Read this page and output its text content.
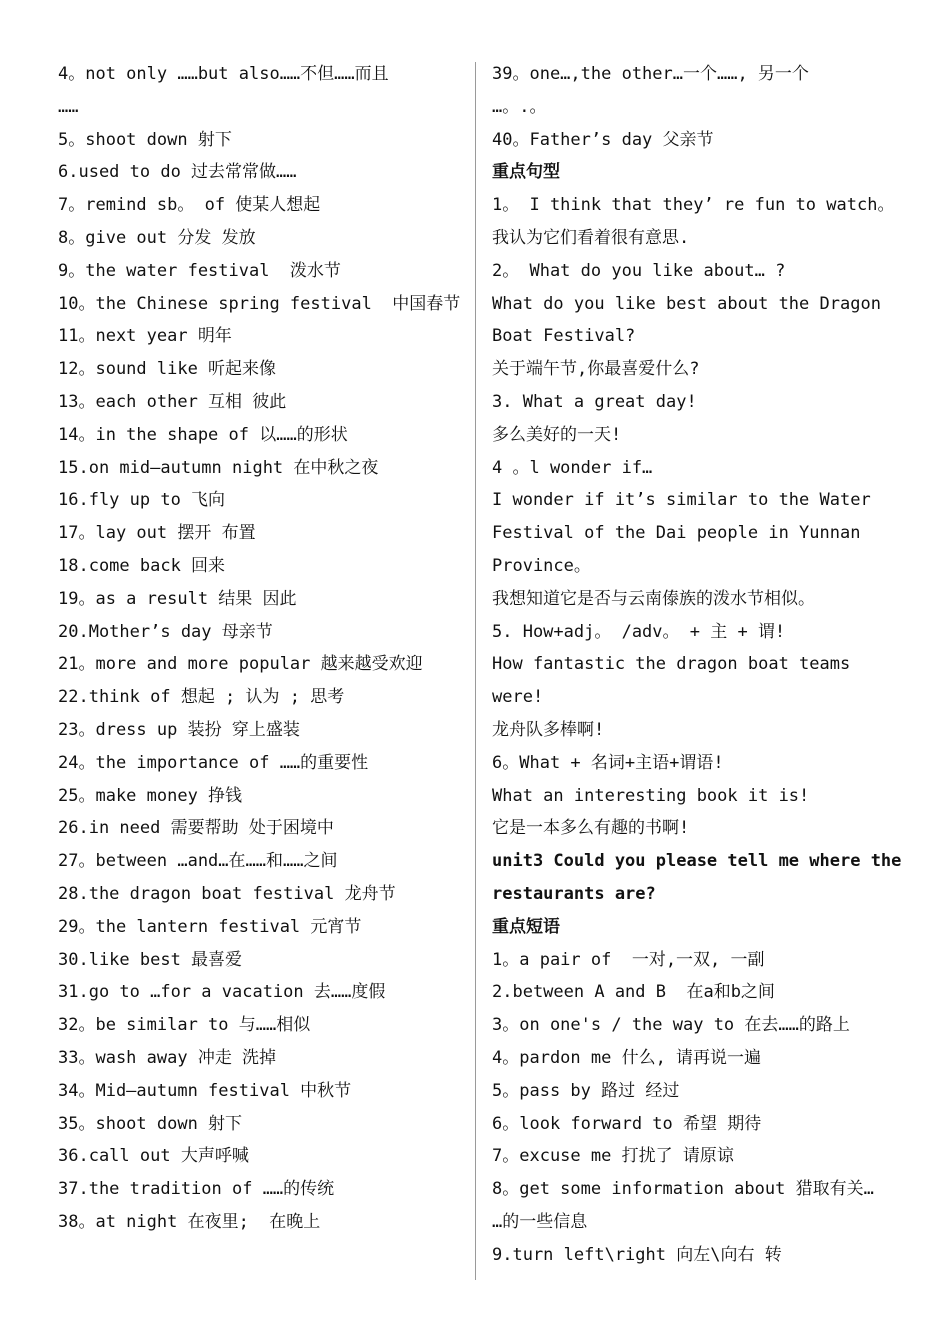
4。not only ……but also……不但……而且
……
5。shoot down 射下
6.used to do 过去常常做……
7。remind sb。 of 使某人想起
8。give out 分发 发放
9。the water festival  泼水节
10。the Chinese spring festival  中国春节
11。next year 明年
12。sound like 听起来像
13。each other 互相 彼此
14。in the shape of 以……的形状
15.on mid—autumn night 在中秋之夜
16.fly up to 飞向
17。lay out 摆开 布置
18.come back 回来
19。as a result 结果 因此
20.Mother’s day 母亲节
21。more and more popular 越来越受欢迎
22.think of 想起 ; 认为 ; 思考
23。dress up 装扮 穿上盛装
24。the importance of ……的重要性
25。make money 挣钱
26.in need 需要帮助 处于困境中
27。between …and…在……和……之间
28.the dragon boat festival 龙舟节
29。the lantern festival 元宵节
30.like best 最喜爱
31.go to …for a vacation 去……度假
32。be similar to 与……相似
33。wash away 冲走 洗掉
34。Mid—autumn festival 中秋节
35。shoot down 射下
36.call out 大声呼喊
37.the tradition of ……的传统
38。at night 在夜里;  在晚上
39。one…,the other…一个……, 另一个
…。.。
40。Father’s day 父亲节
重点句型
1。 I think that they’ re fun to watch。
我认为它们看着很有意思.
2。 What do you like about… ?
What do you like best about the Dragon
Boat Festival?
关于端午节,你最喜爱什么?
3. What a great day!
多么美好的一天!
4 。l wonder if…
I wonder if it’s similar to the Water
Festival of the Dai people in Yunnan
Province。
我想知道它是否与云南傣族的泼水节相似。
5. How+adj。 /adv。 + 主 + 谓!
How fantastic the dragon boat teams
were!
龙舟队多棒啊!
6。What + 名词+主语+谓语!
What an interesting book it is!
它是一本多么有趣的书啊!
unit3 Could you please tell me where the
restaurants are?
重点短语
1。a pair of  一对,一双, 一副
2.between A and B  在a和b之间
3。on one's / the way to 在去……的路上
4。pardon me 什么, 请再说一遍
5。pass by 路过 经过
6。look forward to 希望 期待
7。excuse me 打扰了 请原谅
8。get some information about 猎取有关…
…的一些信息
9.turn left\right 向左\向右 转
